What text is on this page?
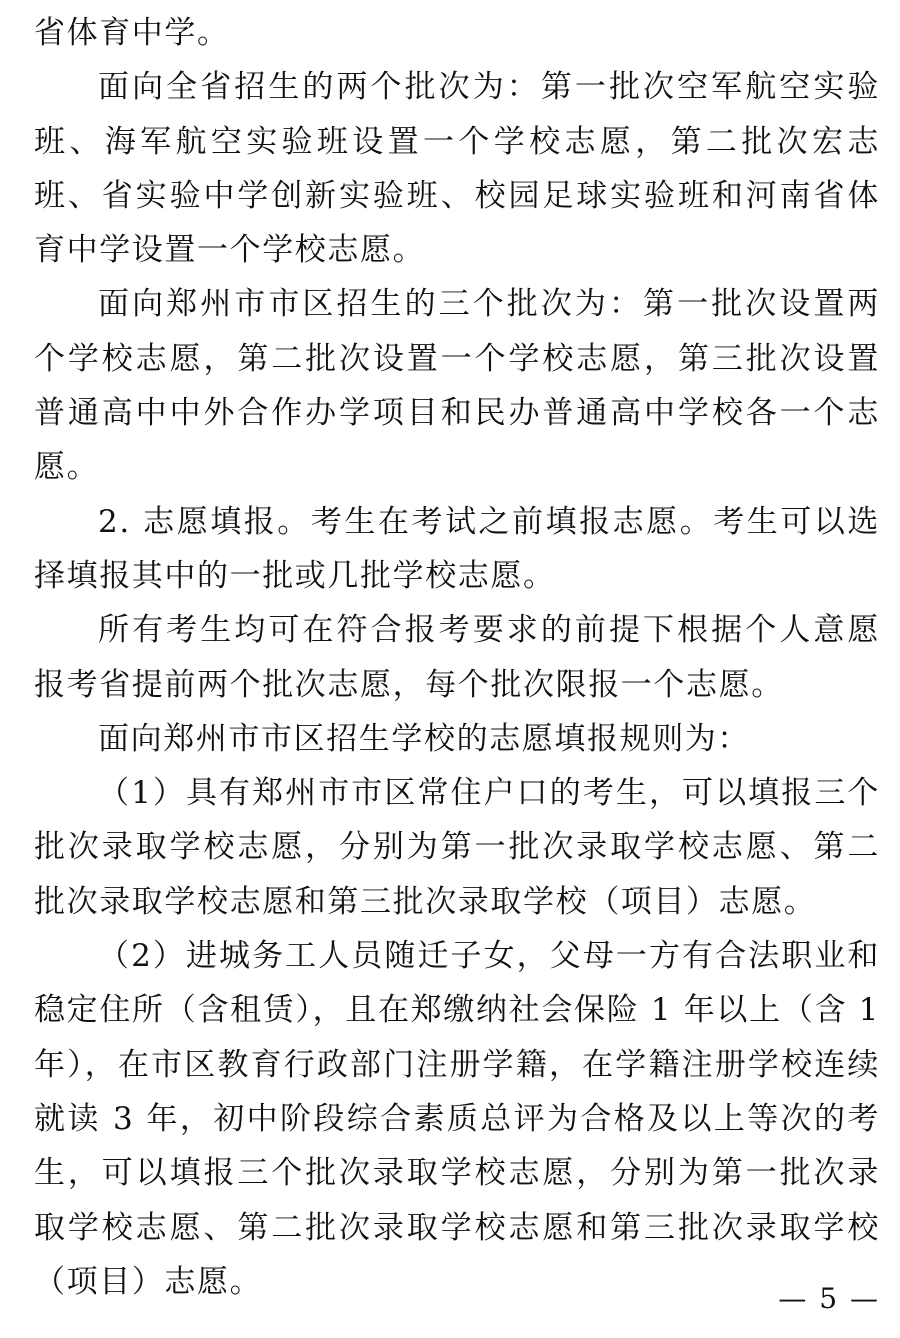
省体育中学。

面向全省招生的两个批次为：第一批次空军航空实验班、海军航空实验班设置一个学校志愿，第二批次宏志班、省实验中学创新实验班、校园足球实验班和河南省体育中学设置一个学校志愿。

面向郑州市市区招生的三个批次为：第一批次设置两个学校志愿，第二批次设置一个学校志愿，第三批次设置普通高中中外合作办学项目和民办普通高中学校各一个志愿。

2. 志愿填报。考生在考试之前填报志愿。考生可以选择填报其中的一批或几批学校志愿。

所有考生均可在符合报考要求的前提下根据个人意愿报考省提前两个批次志愿，每个批次限报一个志愿。

面向郑州市市区招生学校的志愿填报规则为：

（1）具有郑州市市区常住户口的考生，可以填报三个批次录取学校志愿，分别为第一批次录取学校志愿、第二批次录取学校志愿和第三批次录取学校（项目）志愿。

（2）进城务工人员随迁子女，父母一方有合法职业和稳定住所（含租赁），且在郑缴纳社会保险 1 年以上（含 1 年），在市区教育行政部门注册学籍，在学籍注册学校连续就读 3 年，初中阶段综合素质总评为合格及以上等次的考生，可以填报三个批次录取学校志愿，分别为第一批次录取学校志愿、第二批次录取学校志愿和第三批次录取学校（项目）志愿。	— 5 —
